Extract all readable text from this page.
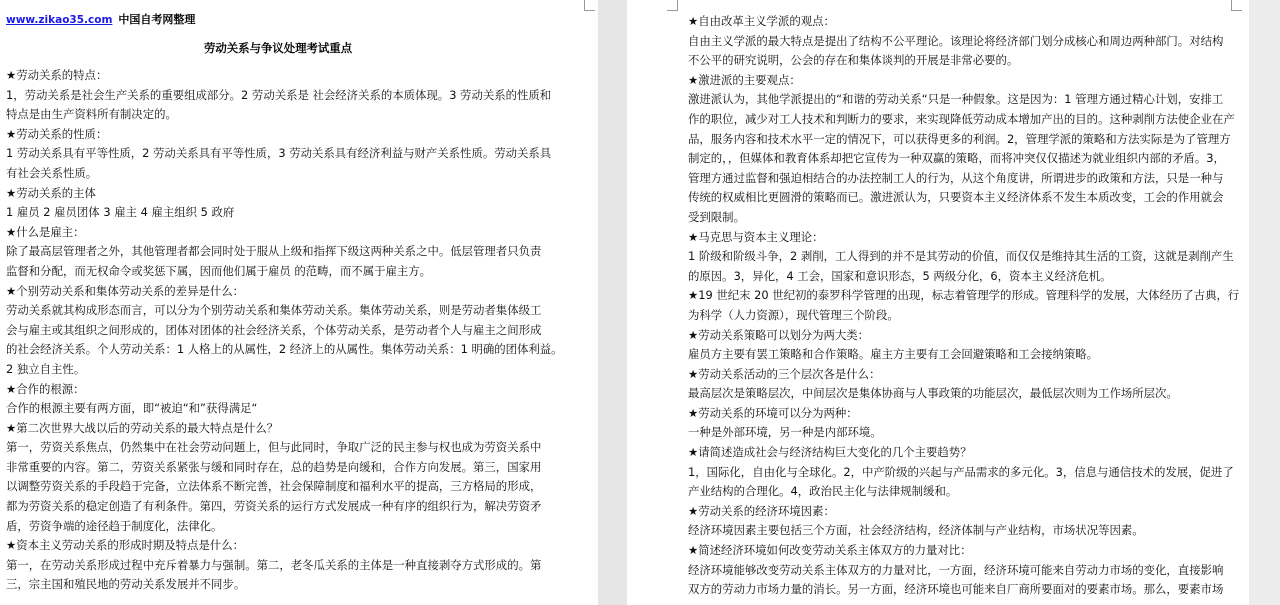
www.zikao35.com 中国自考网整理
劳动关系与争议处理考试重点

★劳动关系的特点：

1，劳动关系是社会生产关系的重要组成部分。2 劳动关系是 社会经济关系的本质体现。3 劳动关系的性质和

特点是由生产资料所有制决定的。

★劳动关系的性质：

1 劳动关系具有平等性质，2 劳动关系具有平等性质，3 劳动关系具有经济利益与财产关系性质。劳动关系具

有社会关系性质。

★劳动关系的主体

1 雇员 2 雇员团体 3 雇主 4 雇主组织 5 政府

★什么是雇主：

除了最高层管理者之外，其他管理者都会同时处于服从上级和指挥下级这两种关系之中。低层管理者只负责

监督和分配，而无权命令或奖惩下属，因而他们属于雇员 的范畴，而不属于雇主方。

★个别劳动关系和集体劳动关系的差异是什么：

劳动关系就其构成形态而言，可以分为个别劳动关系和集体劳动关系。集体劳动关系，则是劳动者集体级工

会与雇主或其组织之间形成的，团体对团体的社会经济关系，个体劳动关系，是劳动者个人与雇主之间形成

的社会经济关系。个人劳动关系：1 人格上的从属性，2 经济上的从属性。集体劳动关系：1 明确的团体利益。

2 独立自主性。

★合作的根源：

合作的根源主要有两方面，即“被迫“和”获得满足“

★第二次世界大战以后的劳动关系的最大特点是什么？

第一，劳资关系焦点，仍然集中在社会劳动问题上，但与此同时，争取广泛的民主参与权也成为劳资关系中

非常重要的内容。第二，劳资关系紧张与缓和同时存在，总的趋势是向缓和，合作方向发展。第三，国家用

以调整劳资关系的手段趋于完备，立法体系不断完善，社会保障制度和福利水平的提高，三方格局的形成，

都为劳资关系的稳定创造了有利条件。第四，劳资关系的运行方式发展成一种有序的组织行为，解决劳资矛

盾，劳资争端的途径趋于制度化，法律化。

★资本主义劳动关系的形成时期及特点是什么：

第一，在劳动关系形成过程中充斥着暴力与强制。第二，老冬瓜关系的主体是一种直接剥夺方式形成的。第

三，宗主国和殖民地的劳动关系发展并不同步。

★自由改革主义学派的观点：

自由主义学派的最大特点是提出了结构不公平理论。该理论将经济部门划分成核心和周边两种部门。对结构

不公平的研究说明，公会的存在和集体谈判的开展是非常必要的。

★激进派的主要观点：

激进派认为，其他学派提出的“和谐的劳动关系“只是一种假象。这是因为：1 管理方通过精心计划，安排工

作的职位，减少对工人技术和判断力的要求，来实现降低劳动成本增加产出的目的。这种剥削方法使企业在产

品，服务内容和技术水平一定的情况下，可以获得更多的利润。2，管理学派的策略和方法实际是为了管理方

制定的，，但媒体和教育体系却把它宣传为一种双赢的策略，而将冲突仅仅描述为就业组织内部的矛盾。3，

管理方通过监督和强迫相结合的办法控制工人的行为，从这个角度讲，所谓进步的政策和方法，只是一种与

传统的权威相比更圆滑的策略而已。激进派认为，只要资本主义经济体系不发生本质改变，工会的作用就会

受到限制。

★马克思与资本主义理论：

1 阶级和阶级斗争，2 剥削，工人得到的并不是其劳动的价值，而仅仅是维持其生活的工资，这就是剥削产生

的原因。3，异化，4 工会，国家和意识形态，5 两级分化，6，资本主义经济危机。

★19 世纪末 20 世纪初的泰罗科学管理的出现，标志着管理学的形成。管理科学的发展，大体经历了古典，行

为科学（人力资源），现代管理三个阶段。

★劳动关系策略可以划分为两大类：

雇员方主要有罢工策略和合作策略。雇主方主要有工会回避策略和工会接纳策略。

★劳动关系活动的三个层次各是什么：

最高层次是策略层次，中间层次是集体协商与人事政策的功能层次，最低层次则为工作场所层次。

★劳动关系的环境可以分为两种：

一种是外部环境，另一种是内部环境。

★请简述造成社会与经济结构巨大变化的几个主要趋势？

1，国际化，自由化与全球化。2，中产阶级的兴起与产品需求的多元化。3，信息与通信技术的发展，促进了

产业结构的合理化。4，政治民主化与法律规制缓和。

★劳动关系的经济环境因素：

经济环境因素主要包括三个方面，社会经济结构，经济体制与产业结构，市场状况等因素。

★简述经济环境如何改变劳动关系主体双方的力量对比：

经济环境能够改变劳动关系主体双方的力量对比，一方面，经济环境可能来自劳动力市场的变化，直接影响

双方的劳动力市场力量的消长。另一方面，经济环境也可能来自厂商所要面对的要素市场。那么，要素市场
